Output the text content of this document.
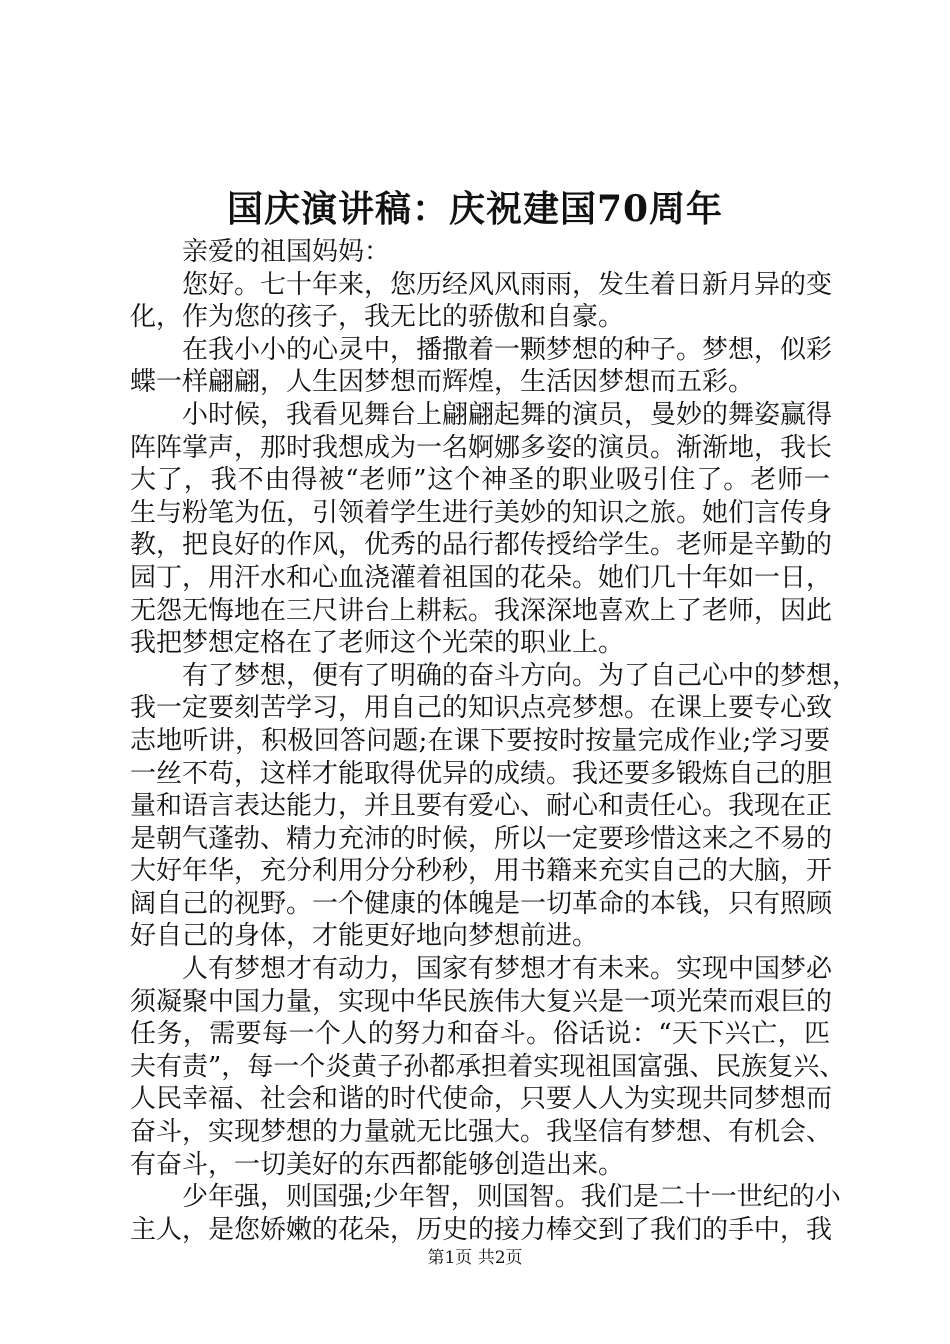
国庆演讲稿：庆祝建国70周年
亲爱的祖国妈妈：
您好。七十年来，您历经风风雨雨，发生着日新月异的变
化，作为您的孩子，我无比的骄傲和自豪。
在我小小的心灵中，播撒着一颗梦想的种子。梦想，似彩
蝶一样翩翩，人生因梦想而辉煌，生活因梦想而五彩。
小时候，我看见舞台上翩翩起舞的演员，曼妙的舞姿赢得
阵阵掌声，那时我想成为一名婀娜多姿的演员。渐渐地，我长
大了，我不由得被“老师”这个神圣的职业吸引住了。老师一
生与粉笔为伍，引领着学生进行美妙的知识之旅。她们言传身
教，把良好的作风，优秀的品行都传授给学生。老师是辛勤的
园丁，用汗水和心血浇灌着祖国的花朵。她们几十年如一日，
无怨无悔地在三尺讲台上耕耘。我深深地喜欢上了老师，因此
我把梦想定格在了老师这个光荣的职业上。
有了梦想，便有了明确的奋斗方向。为了自己心中的梦想，
我一定要刻苦学习，用自己的知识点亮梦想。在课上要专心致
志地听讲，积极回答问题;在课下要按时按量完成作业;学习要
一丝不苟，这样才能取得优异的成绩。我还要多锻炼自己的胆
量和语言表达能力，并且要有爱心、耐心和责任心。我现在正
是朝气蓬勃、精力充沛的时候，所以一定要珍惜这来之不易的
大好年华，充分利用分分秒秒，用书籍来充实自己的大脑，开
阔自己的视野。一个健康的体魄是一切革命的本钱，只有照顾
好自己的身体，才能更好地向梦想前进。
人有梦想才有动力，国家有梦想才有未来。实现中国梦必
须凝聚中国力量，实现中华民族伟大复兴是一项光荣而艰巨的
任务，需要每一个人的努力和奋斗。俗话说：“天下兴亡，匹
夫有责”，每一个炎黄子孙都承担着实现祖国富强、民族复兴、
人民幸福、社会和谐的时代使命，只要人人为实现共同梦想而
奋斗，实现梦想的力量就无比强大。我坚信有梦想、有机会、
有奋斗，一切美好的东西都能够创造出来。
少年强，则国强;少年智，则国智。我们是二十一世纪的小
主人，是您娇嫩的花朵，历史的接力棒交到了我们的手中，我
第1页 共2页
